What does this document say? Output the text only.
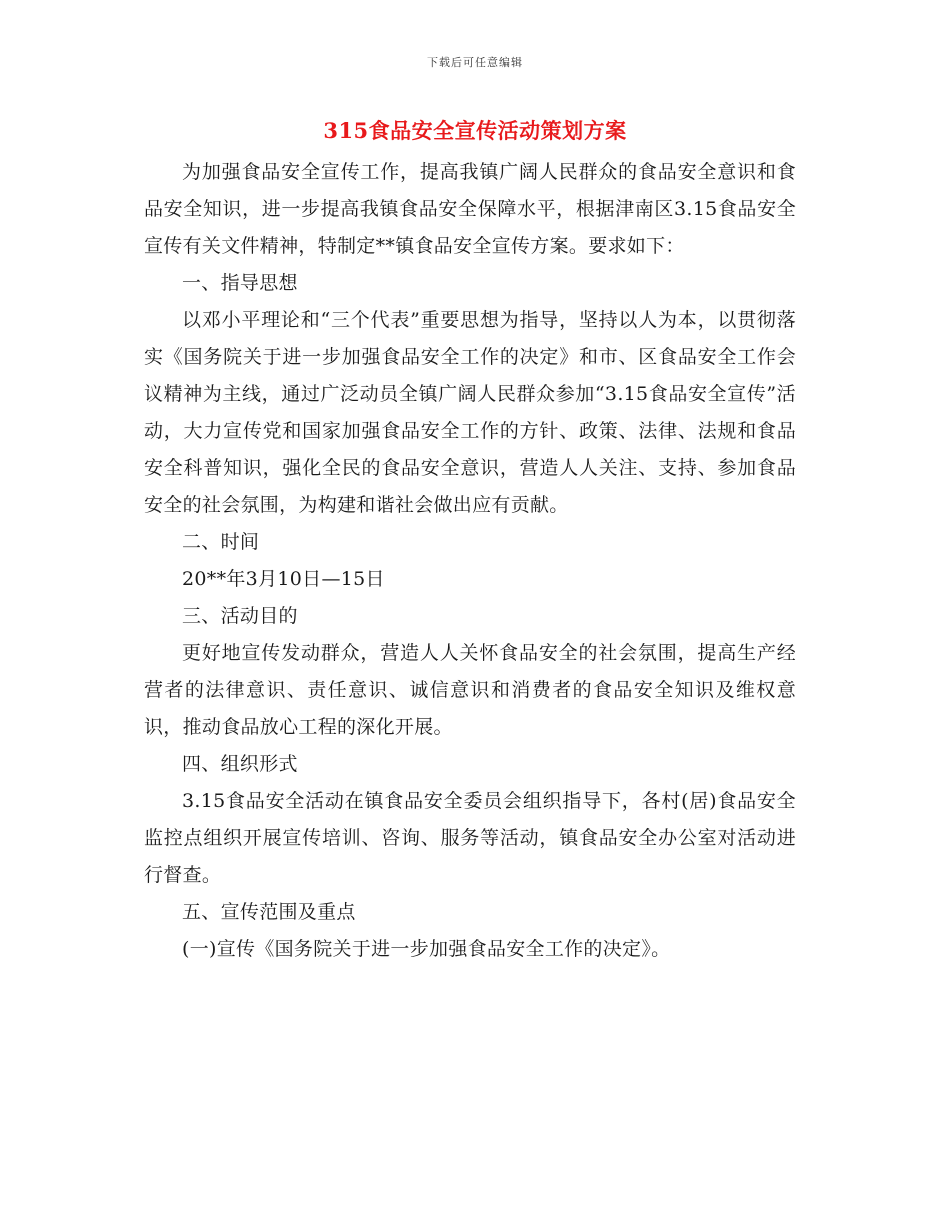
下载后可任意编辑
315食品安全宣传活动策划方案

为加强食品安全宣传工作，提高我镇广阔人民群众的食品安全意识和食品安全知识，进一步提高我镇食品安全保障水平，根据津南区3.15食品安全宣传有关文件精神，特制定**镇食品安全宣传方案。要求如下：

一、指导思想

以邓小平理论和“三个代表”重要思想为指导，坚持以人为本，以贯彻落实《国务院关于进一步加强食品安全工作的决定》和市、区食品安全工作会议精神为主线，通过广泛动员全镇广阔人民群众参加“3.15食品安全宣传”活动，大力宣传党和国家加强食品安全工作的方针、政策、法律、法规和食品安全科普知识，强化全民的食品安全意识，营造人人关注、支持、参加食品安全的社会氛围，为构建和谐社会做出应有贡献。

二、时间

20**年3月10日—15日

三、活动目的

更好地宣传发动群众，营造人人关怀食品安全的社会氛围，提高生产经营者的法律意识、责任意识、诚信意识和消费者的食品安全知识及维权意识，推动食品放心工程的深化开展。

四、组织形式

3.15食品安全活动在镇食品安全委员会组织指导下，各村(居)食品安全监控点组织开展宣传培训、咨询、服务等活动，镇食品安全办公室对活动进行督查。

五、宣传范围及重点

(一)宣传《国务院关于进一步加强食品安全工作的决定》。
